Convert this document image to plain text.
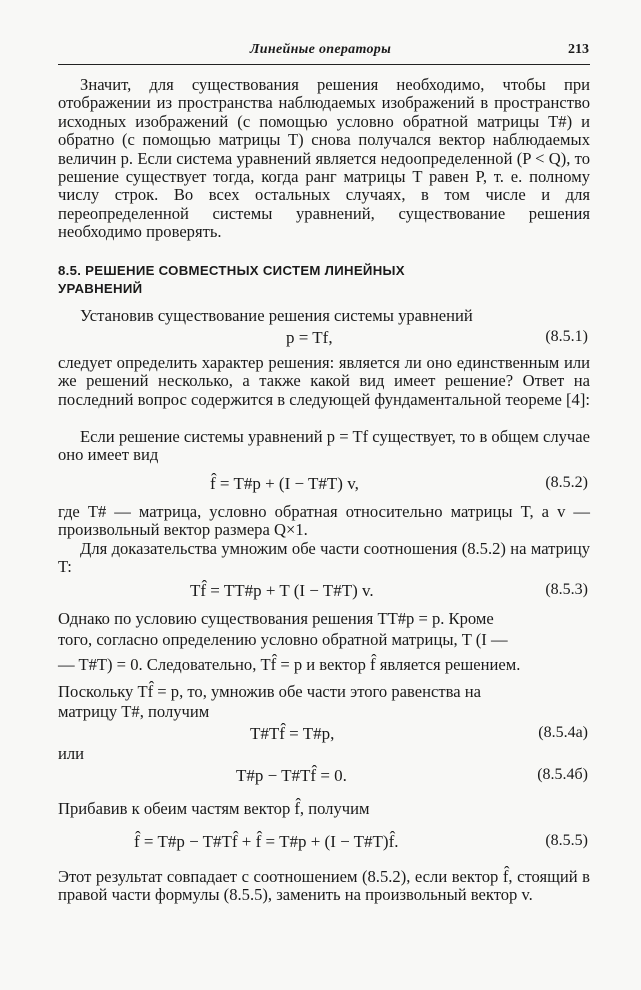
Линейные операторы	213
Значит, для существования решения необходимо, чтобы при отображении из пространства наблюдаемых изображений в пространство исходных изображений (с помощью условно обратной матрицы T#) и обратно (с помощью матрицы T) снова получался вектор наблюдаемых величин p. Если система уравнений является недоопределенной (P < Q), то решение существует тогда, когда ранг матрицы T равен P, т. е. полному числу строк. Во всех остальных случаях, в том числе и для переопределенной системы уравнений, существование решения необходимо проверять.
8.5. РЕШЕНИЕ СОВМЕСТНЫХ СИСТЕМ ЛИНЕЙНЫХ
УРАВНЕНИЙ
Установив существование решения системы уравнений
p = Tf,	(8.5.1)
следует определить характер решения: является ли оно единственным или же решений несколько, а также какой вид имеет решение? Ответ на последний вопрос содержится в следующей фундаментальной теореме [4]:
Если решение системы уравнений p = Tf существует, то в общем случае оно имеет вид
f̂ = T#p + (I − T#T) v,	(8.5.2)
где T# — матрица, условно обратная относительно матрицы T, а v — произвольный вектор размера Q×1.
Для доказательства умножим обе части соотношения (8.5.2) на матрицу T:
Tf̂ = TT#p + T (I − T#T) v.	(8.5.3)
Однако по условию существования решения TT#p = p. Кроме
того, согласно определению условно обратной матрицы, T (I —
— T#T) = 0. Следовательно, Tf̂ = p и вектор f̂ является решением.
Поскольку Tf̂ = p, то, умножив обе части этого равенства на
матрицу T#, получим
T#Tf̂ = T#p,	(8.5.4а)
или
T#p − T#Tf̂ = 0.	(8.5.4б)
Прибавив к обеим частям вектор f̂, получим
f̂ = T#p − T#Tf̂ + f̂ = T#p + (I − T#T)f̂.	(8.5.5)
Этот результат совпадает с соотношением (8.5.2), если вектор f̂, стоящий в правой части формулы (8.5.5), заменить на произвольный вектор v.
